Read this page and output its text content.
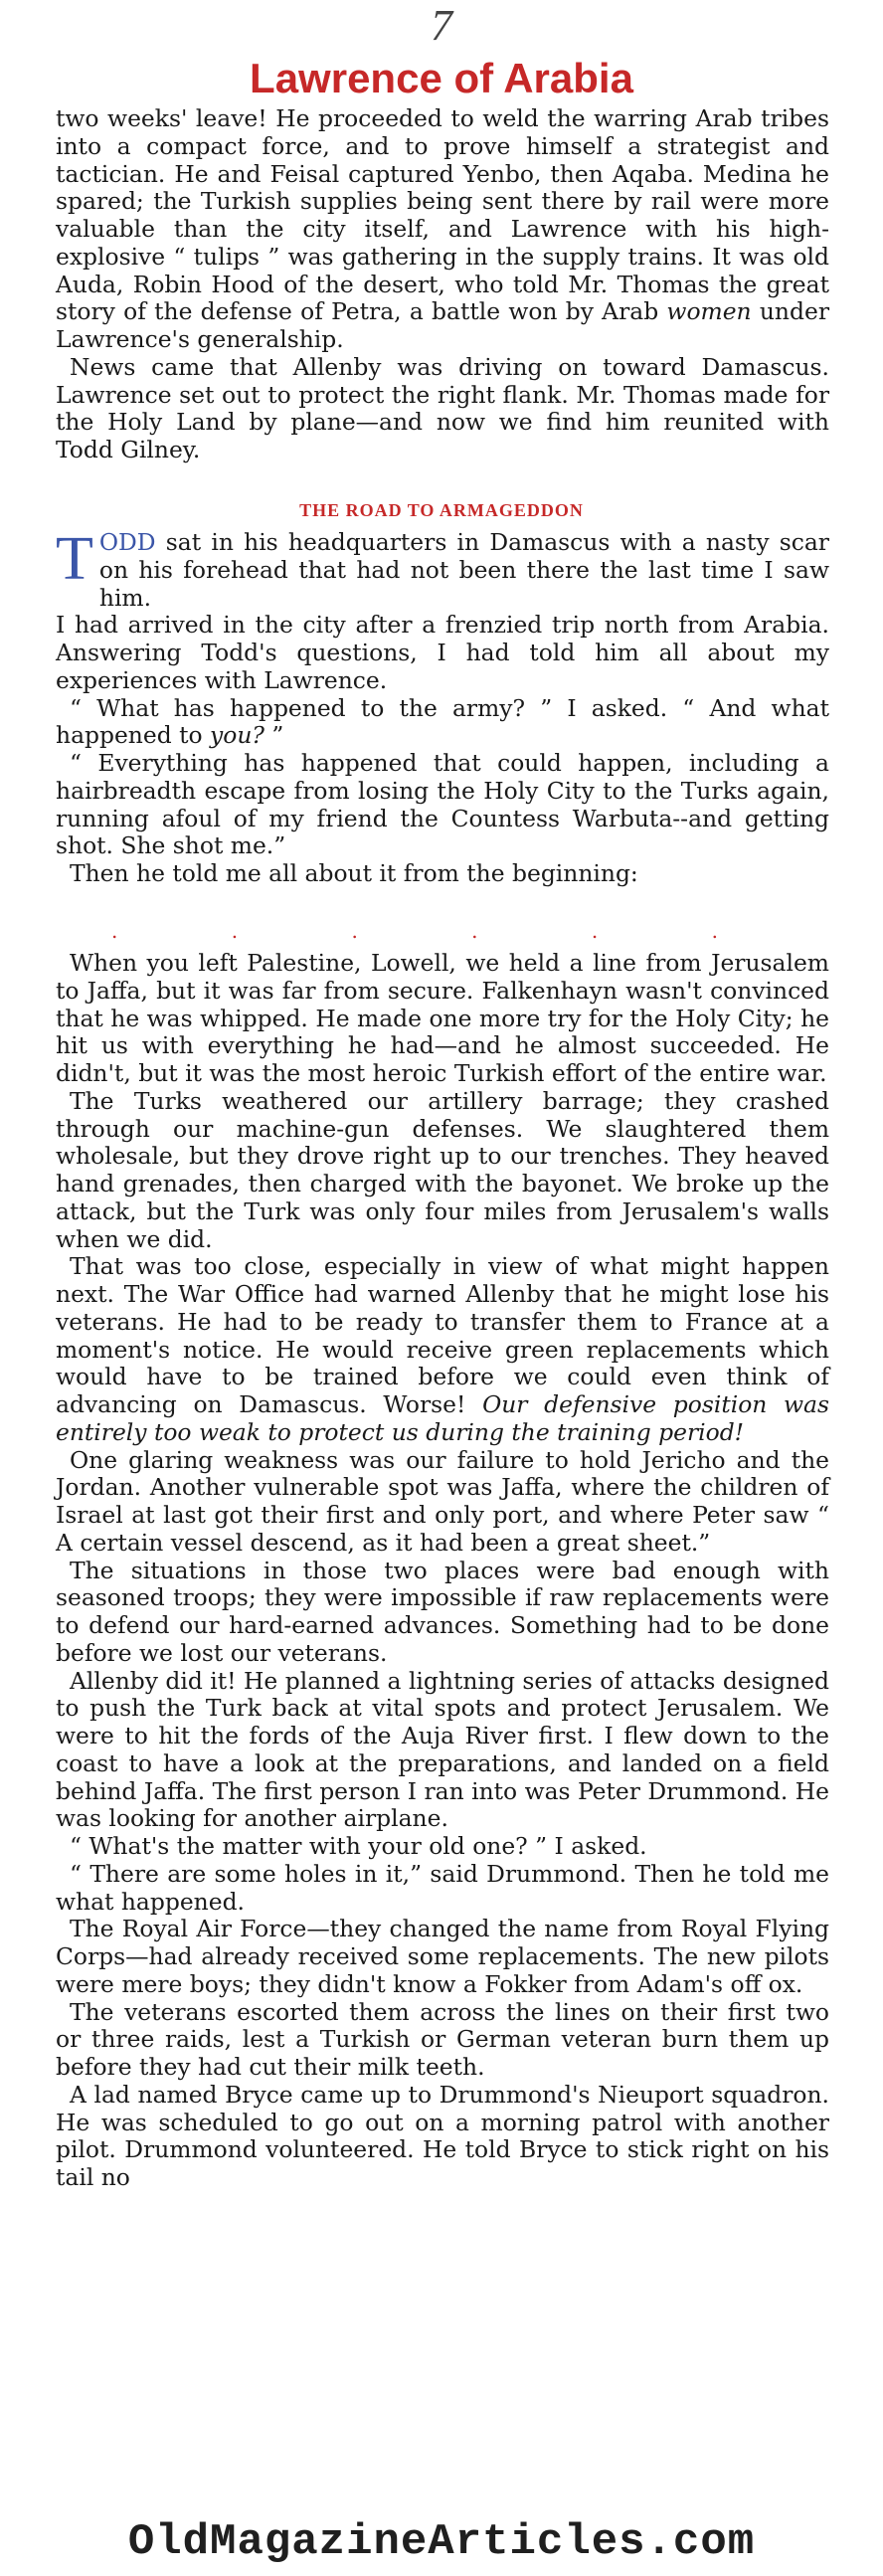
7
Lawrence of Arabia

two weeks' leave! He proceeded to weld the warring Arab tribes into a compact force, and to prove himself a strategist and tactician. He and Feisal captured Yenbo, then Aqaba. Medina he spared; the Turkish supplies being sent there by rail were more valuable than the city itself, and Lawrence with his high-explosive “ tulips ” was gathering in the supply trains. It was old Auda, Robin Hood of the desert, who told Mr. Thomas the great story of the defense of Petra, a battle won by Arab women under Lawrence's generalship.

News came that Allenby was driving on toward Damascus. Lawrence set out to protect the right flank. Mr. Thomas made for the Holy Land by plane—and now we find him reunited with Todd Gilney.

THE ROAD TO ARMAGEDDON

TODD sat in his headquarters in Damascus with a nasty scar on his forehead that had not been there the last time I saw him.

I had arrived in the city after a frenzied trip north from Arabia. Answering Todd's questions, I had told him all about my experiences with Lawrence.

“ What has happened to the army? ” I asked. “ And what happened to you? ”

“ Everything has happened that could happen, including a hairbreadth escape from losing the Holy City to the Turks again, running afoul of my friend the Countess Warbuta--and getting shot. She shot me.”

Then he told me all about it from the beginning:

. . . . . .

When you left Palestine, Lowell, we held a line from Jerusalem to Jaffa, but it was far from secure. Falkenhayn wasn't convinced that he was whipped. He made one more try for the Holy City; he hit us with everything he had—and he almost succeeded. He didn't, but it was the most heroic Turkish effort of the entire war.

The Turks weathered our artillery barrage; they crashed through our machine-gun defenses. We slaughtered them wholesale, but they drove right up to our trenches. They heaved hand grenades, then charged with the bayonet. We broke up the attack, but the Turk was only four miles from Jerusalem's walls when we did.

That was too close, especially in view of what might happen next. The War Office had warned Allenby that he might lose his veterans. He had to be ready to transfer them to France at a moment's notice. He would receive green replacements which would have to be trained before we could even think of advancing on Damascus. Worse! Our defensive position was entirely too weak to protect us during the training period!

One glaring weakness was our failure to hold Jericho and the Jordan. Another vulnerable spot was Jaffa, where the children of Israel at last got their first and only port, and where Peter saw “ A certain vessel descend, as it had been a great sheet.”

The situations in those two places were bad enough with seasoned troops; they were impossible if raw replacements were to defend our hard-earned advances. Something had to be done before we lost our veterans.

Allenby did it! He planned a lightning series of attacks designed to push the Turk back at vital spots and protect Jerusalem. We were to hit the fords of the Auja River first. I flew down to the coast to have a look at the preparations, and landed on a field behind Jaffa. The first person I ran into was Peter Drummond. He was looking for another airplane.

“ What's the matter with your old one? ” I asked.

“ There are some holes in it,” said Drummond. Then he told me what happened.

The Royal Air Force—they changed the name from Royal Flying Corps—had already received some replacements. The new pilots were mere boys; they didn't know a Fokker from Adam's off ox.

The veterans escorted them across the lines on their first two or three raids, lest a Turkish or German veteran burn them up before they had cut their milk teeth.

A lad named Bryce came up to Drummond's Nieuport squadron. He was scheduled to go out on a morning patrol with another pilot. Drummond volunteered. He told Bryce to stick right on his tail no

OldMagazineArticles.com
